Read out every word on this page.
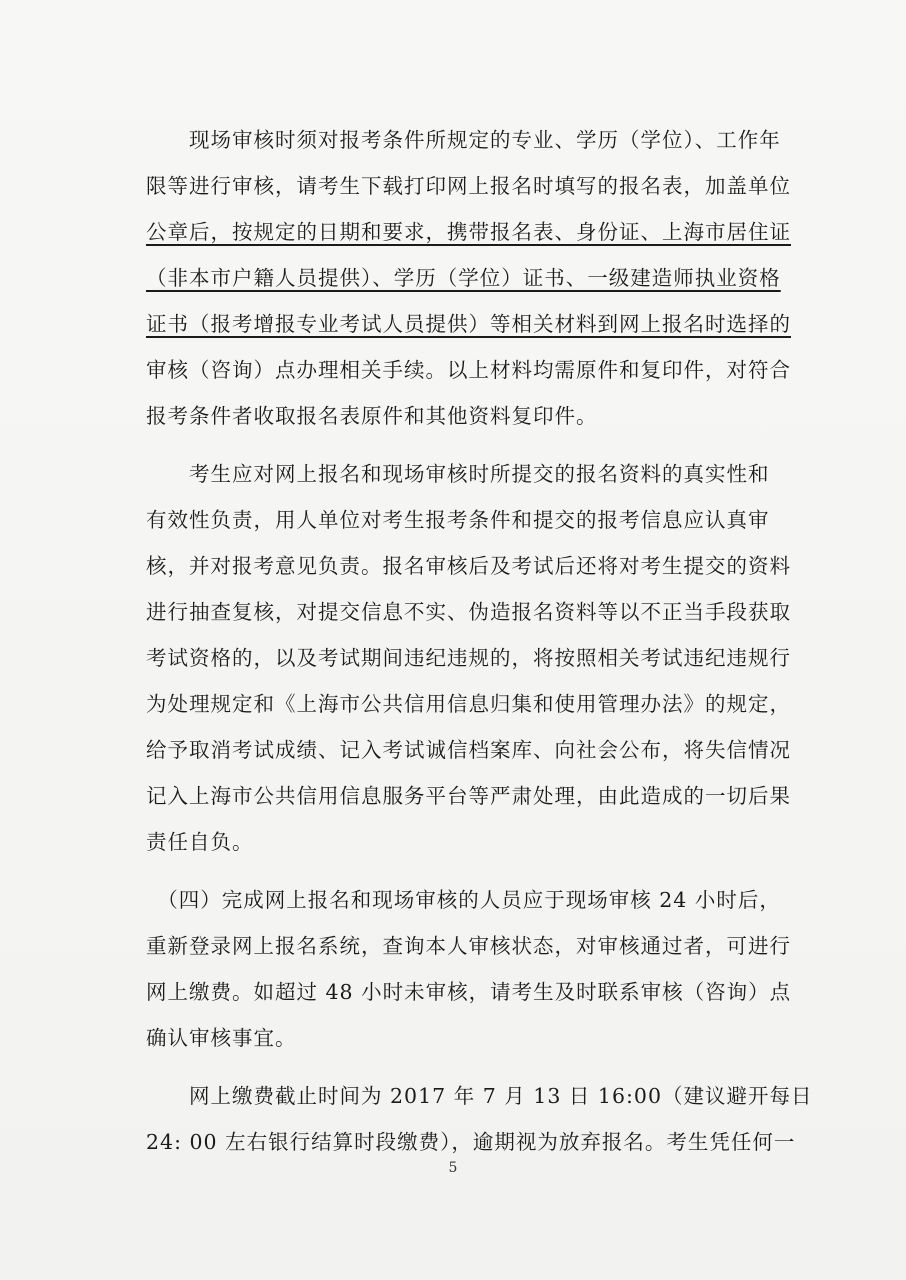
　　现场审核时须对报考条件所规定的专业、学历（学位）、工作年
限等进行审核，请考生下载打印网上报名时填写的报名表，加盖单位
公章后，按规定的日期和要求，携带报名表、身份证、上海市居住证
（非本市户籍人员提供）、学历（学位）证书、一级建造师执业资格
证书（报考增报专业考试人员提供）等相关材料到网上报名时选择的
审核（咨询）点办理相关手续。以上材料均需原件和复印件，对符合
报考条件者收取报名表原件和其他资料复印件。
　　考生应对网上报名和现场审核时所提交的报名资料的真实性和
有效性负责，用人单位对考生报考条件和提交的报考信息应认真审
核，并对报考意见负责。报名审核后及考试后还将对考生提交的资料
进行抽查复核，对提交信息不实、伪造报名资料等以不正当手段获取
考试资格的，以及考试期间违纪违规的，将按照相关考试违纪违规行
为处理规定和《上海市公共信用信息归集和使用管理办法》的规定，
给予取消考试成绩、记入考试诚信档案库、向社会公布，将失信情况
记入上海市公共信用信息服务平台等严肃处理，由此造成的一切后果
责任自负。
　（四）完成网上报名和现场审核的人员应于现场审核 24 小时后，
重新登录网上报名系统，查询本人审核状态，对审核通过者，可进行
网上缴费。如超过 48 小时未审核，请考生及时联系审核（咨询）点
确认审核事宜。
　　网上缴费截止时间为 2017 年 7 月 13 日 16:00（建议避开每日
24: 00 左右银行结算时段缴费），逾期视为放弃报名。考生凭任何一
5
